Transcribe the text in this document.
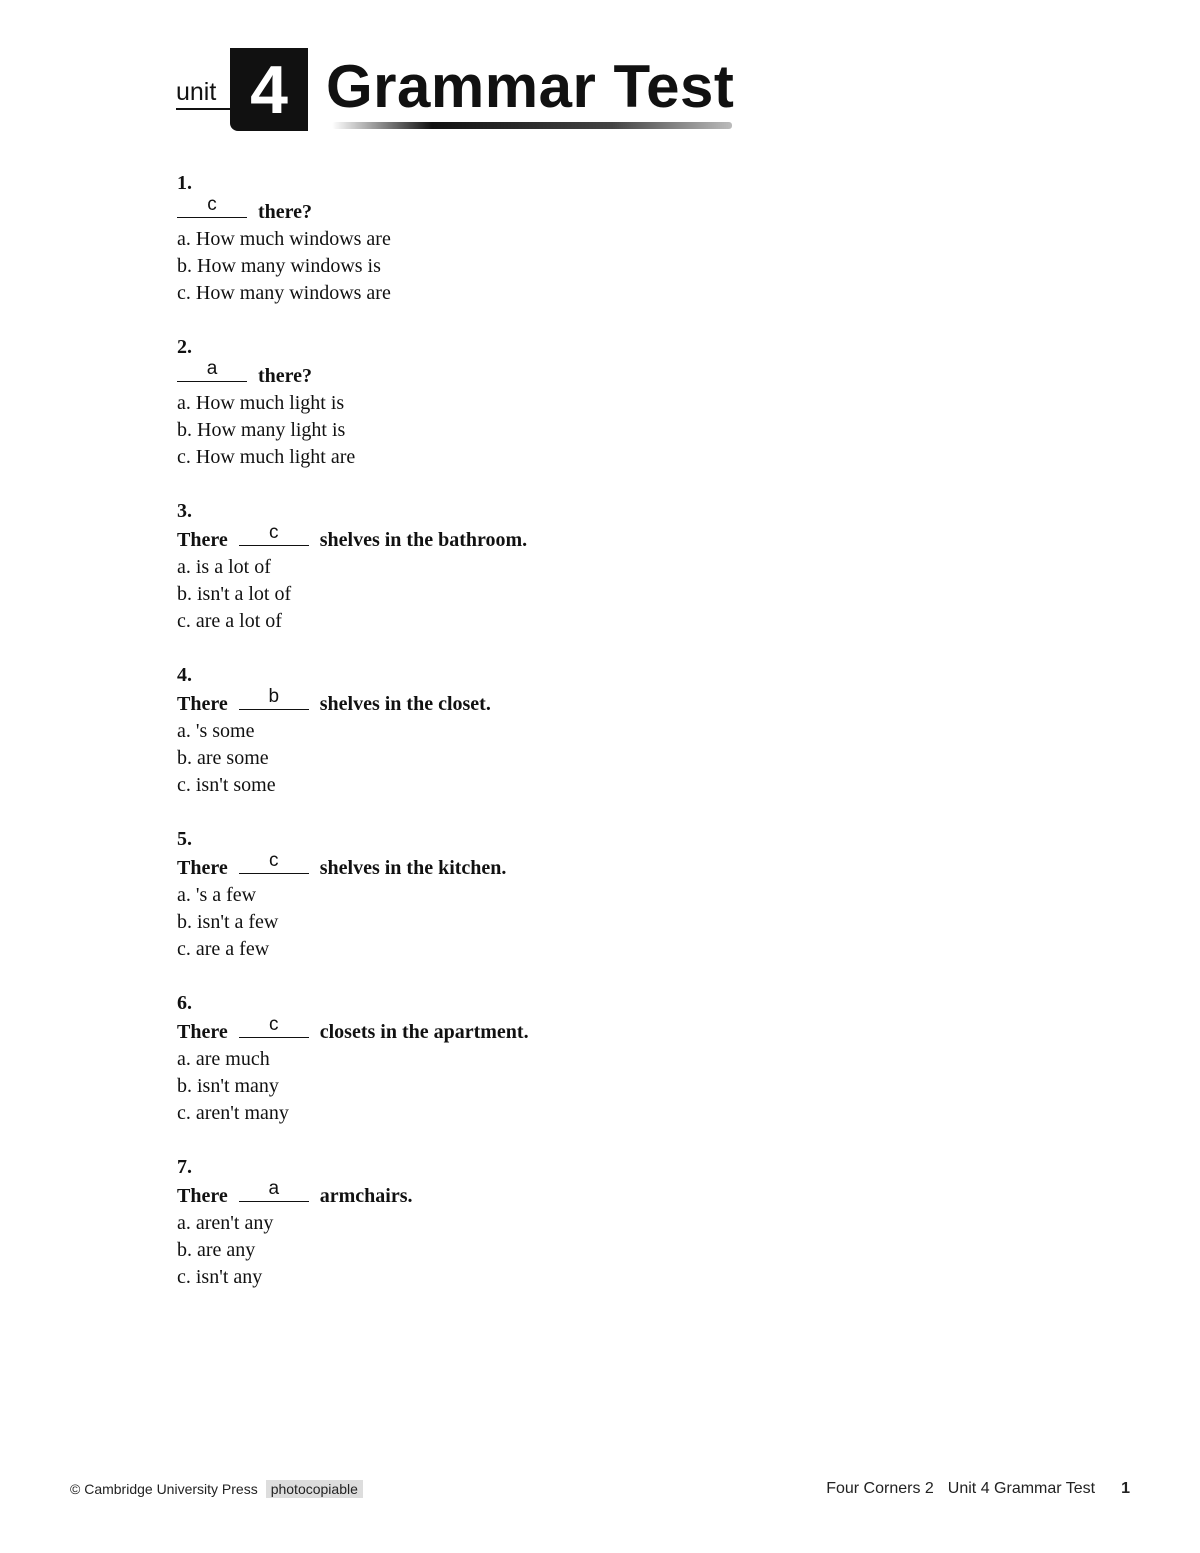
unit 4 Grammar Test
1.
c	there?
a. How much windows are
b. How many windows is
c. How many windows are
2.
a	there?
a. How much light is
b. How many light is
c. How much light are
3.
There	c	shelves in the bathroom.
a. is a lot of
b. isn't a lot of
c. are a lot of
4.
There	b	shelves in the closet.
a. 's some
b. are some
c. isn't some
5.
There	c	shelves in the kitchen.
a. 's a few
b. isn't a few
c. are a few
6.
There	c	closets in the apartment.
a. are much
b. isn't many
c. aren't many
7.
There	a	armchairs.
a. aren't any
b. are any
c. isn't any
© Cambridge University Press photocopiable	Four Corners 2 Unit 4 Grammar Test 1
